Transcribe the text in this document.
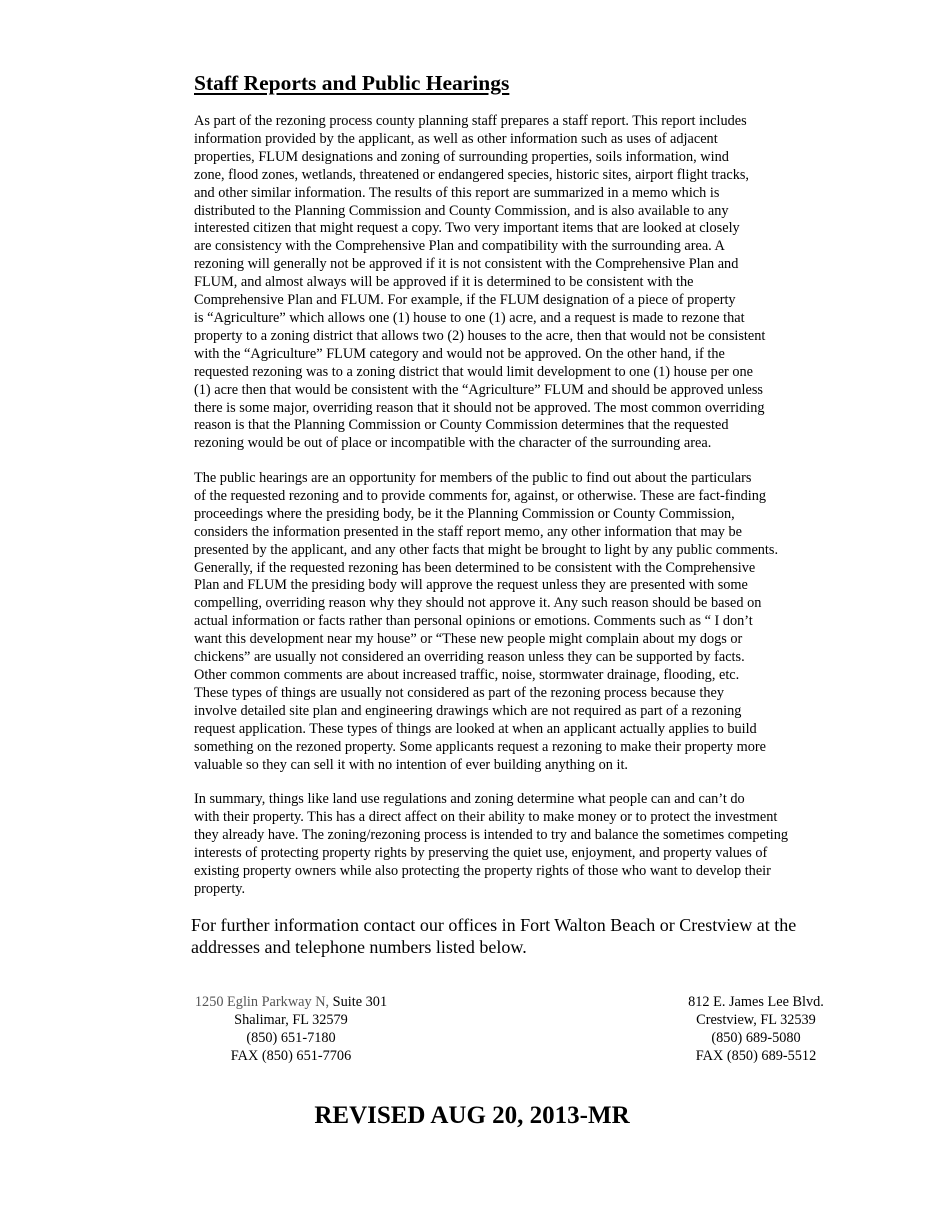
Staff Reports and Public Hearings

As part of the rezoning process county planning staff prepares a staff report. This report includes
information provided by the applicant, as well as other information such as uses of adjacent
properties, FLUM designations and zoning of surrounding properties, soils information, wind
zone, flood zones, wetlands, threatened or endangered species, historic sites, airport flight tracks,
and other similar information. The results of this report are summarized in a memo which is
distributed to the Planning Commission and County Commission, and is also available to any
interested citizen that might request a copy. Two very important items that are looked at closely
are consistency with the Comprehensive Plan and compatibility with the surrounding area. A
rezoning will generally not be approved if it is not consistent with the Comprehensive Plan and
FLUM, and almost always will be approved if it is determined to be consistent with the
Comprehensive Plan and FLUM. For example, if the FLUM designation of a piece of property
is “Agriculture” which allows one (1) house to one (1) acre, and a request is made to rezone that
property to a zoning district that allows two (2) houses to the acre, then that would not be consistent
with the “Agriculture” FLUM category and would not be approved. On the other hand, if the
requested rezoning was to a zoning district that would limit development to one (1) house per one
(1) acre then that would be consistent with the “Agriculture” FLUM and should be approved unless
there is some major, overriding reason that it should not be approved. The most common overriding
reason is that the Planning Commission or County Commission determines that the requested
rezoning would be out of place or incompatible with the character of the surrounding area.

The public hearings are an opportunity for members of the public to find out about the particulars
of the requested rezoning and to provide comments for, against, or otherwise. These are fact-finding
proceedings where the presiding body, be it the Planning Commission or County Commission,
considers the information presented in the staff report memo, any other information that may be
presented by the applicant, and any other facts that might be brought to light by any public comments.
Generally, if the requested rezoning has been determined to be consistent with the Comprehensive
Plan and FLUM the presiding body will approve the request unless they are presented with some
compelling, overriding reason why they should not approve it. Any such reason should be based on
actual information or facts rather than personal opinions or emotions. Comments such as “ I don’t
want this development near my house” or “These new people might complain about my dogs or
chickens” are usually not considered an overriding reason unless they can be supported by facts.
Other common comments are about increased traffic, noise, stormwater drainage, flooding, etc.
These types of things are usually not considered as part of the rezoning process because they
involve detailed site plan and engineering drawings which are not required as part of a rezoning
request application. These types of things are looked at when an applicant actually applies to build
something on the rezoned property. Some applicants request a rezoning to make their property more
valuable so they can sell it with no intention of ever building anything on it.

In summary, things like land use regulations and zoning determine what people can and can’t do
with their property. This has a direct affect on their ability to make money or to protect the investment
they already have. The zoning/rezoning process is intended to try and balance the sometimes competing
interests of protecting property rights by preserving the quiet use, enjoyment, and property values of
existing property owners while also protecting the property rights of those who want to develop their
property.

For further information contact our offices in Fort Walton Beach or Crestview at the
addresses and telephone numbers listed below.

1250 Eglin Parkway N, Suite 301
Shalimar, FL 32579
(850) 651-7180
FAX (850) 651-7706
812 E. James Lee Blvd.
Crestview, FL 32539
(850) 689-5080
FAX (850) 689-5512

REVISED AUG 20, 2013-MR
